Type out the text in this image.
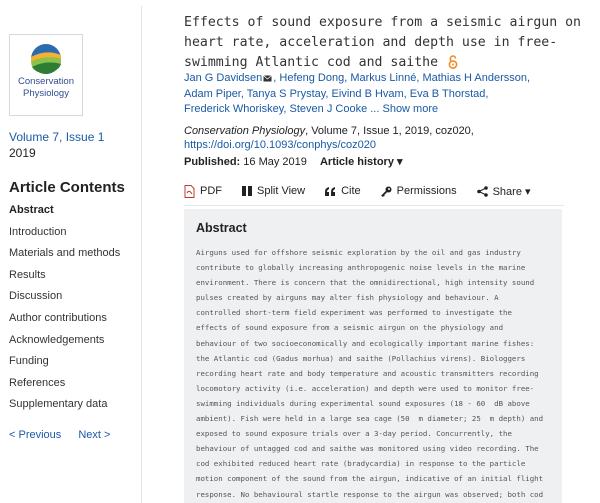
Conservation
Physiology
Volume 7, Issue 1
2019
Article Contents
Abstract
Introduction
Materials and methods
Results
Discussion
Author contributions
Acknowledgements
Funding
References
Supplementary data
< Previous Next >
Effects of sound exposure from a seismic airgun on
heart rate, acceleration and depth use in free-
swimming Atlantic cod and saithe
Jan G Davidsen , Hefeng Dong, Markus Linné, Mathias H Andersson,
Adam Piper, Tanya S Prystay, Eivind B Hvam, Eva B Thorstad,
Frederick Whoriskey, Steven J Cooke ... Show more
Conservation Physiology, Volume 7, Issue 1, 2019, coz020,
https://doi.org/10.1093/conphys/coz020
Published: 16 May 2019 Article history ▾
PDF	Split View	Cite	Permissions	Share ▾
Abstract
Airguns used for offshore seismic exploration by the oil and gas industry
contribute to globally increasing anthropogenic noise levels in the marine
environment. There is concern that the omnidirectional, high intensity sound
pulses created by airguns may alter fish physiology and behaviour. A
controlled short-term field experiment was performed to investigate the
effects of sound exposure from a seismic airgun on the physiology and
behaviour of two socioeconomically and ecologically important marine fishes:
the Atlantic cod (Gadus morhua) and saithe (Pollachius virens). Biologgers
recording heart rate and body temperature and acoustic transmitters recording
locomotory activity (i.e. acceleration) and depth were used to monitor free-
swimming individuals during experimental sound exposures (18 - 60  dB above
ambient). Fish were held in a large sea cage (50  m diameter; 25  m depth) and
exposed to sound exposure trials over a 3-day period. Concurrently, the
behaviour of untagged cod and saithe was monitored using video recording. The
cod exhibited reduced heart rate (bradycardia) in response to the particle
motion component of the sound from the airgun, indicative of an initial flight
response. No behavioural startle response to the airgun was observed; both cod
